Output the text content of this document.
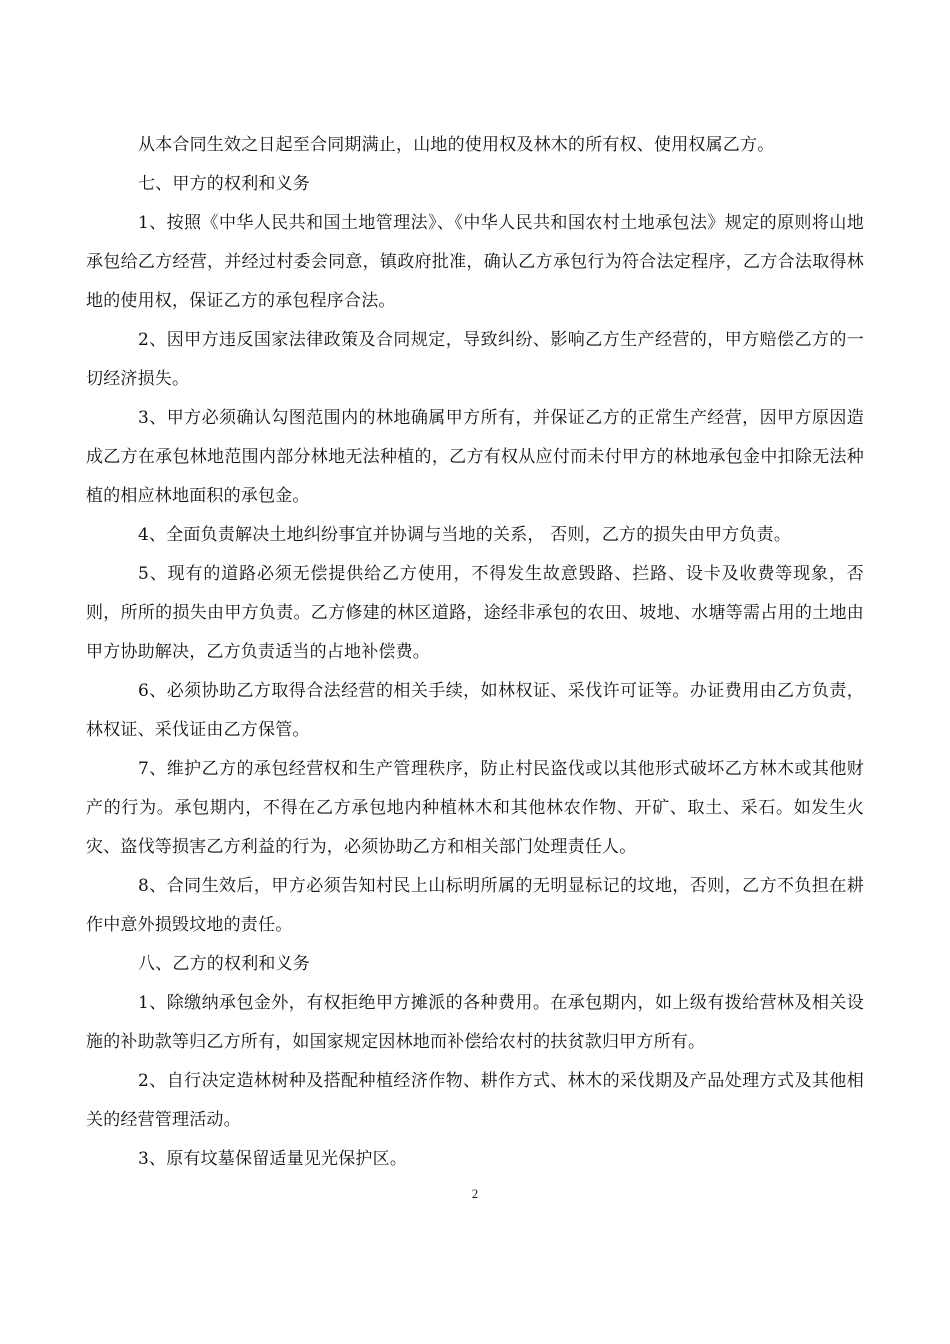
从本合同生效之日起至合同期满止，山地的使用权及林木的所有权、使用权属乙方。

七、甲方的权利和义务

1、按照《中华人民共和国土地管理法》、《中华人民共和国农村土地承包法》规定的原则将山地承包给乙方经营，并经过村委会同意，镇政府批准，确认乙方承包行为符合法定程序，乙方合法取得林地的使用权，保证乙方的承包程序合法。

2、因甲方违反国家法律政策及合同规定，导致纠纷、影响乙方生产经营的，甲方赔偿乙方的一切经济损失。

3、甲方必须确认勾图范围内的林地确属甲方所有，并保证乙方的正常生产经营，因甲方原因造成乙方在承包林地范围内部分林地无法种植的，乙方有权从应付而未付甲方的林地承包金中扣除无法种植的相应林地面积的承包金。

4、全面负责解决土地纠纷事宜并协调与当地的关系， 否则，乙方的损失由甲方负责。

5、现有的道路必须无偿提供给乙方使用，不得发生故意毁路、拦路、设卡及收费等现象，否则，所所的损失由甲方负责。乙方修建的林区道路，途经非承包的农田、坡地、水塘等需占用的土地由甲方协助解决，乙方负责适当的占地补偿费。

6、必须协助乙方取得合法经营的相关手续，如林权证、采伐许可证等。办证费用由乙方负责，林权证、采伐证由乙方保管。

7、维护乙方的承包经营权和生产管理秩序，防止村民盗伐或以其他形式破坏乙方林木或其他财产的行为。承包期内，不得在乙方承包地内种植林木和其他林农作物、开矿、取土、采石。如发生火灾、盗伐等损害乙方利益的行为，必须协助乙方和相关部门处理责任人。

8、合同生效后，甲方必须告知村民上山标明所属的无明显标记的坟地，否则，乙方不负担在耕作中意外损毁坟地的责任。

八、乙方的权利和义务

1、除缴纳承包金外，有权拒绝甲方摊派的各种费用。在承包期内，如上级有拨给营林及相关设施的补助款等归乙方所有，如国家规定因林地而补偿给农村的扶贫款归甲方所有。

2、自行决定造林树种及搭配种植经济作物、耕作方式、林木的采伐期及产品处理方式及其他相关的经营管理活动。

3、原有坟墓保留适量见光保护区。

2
